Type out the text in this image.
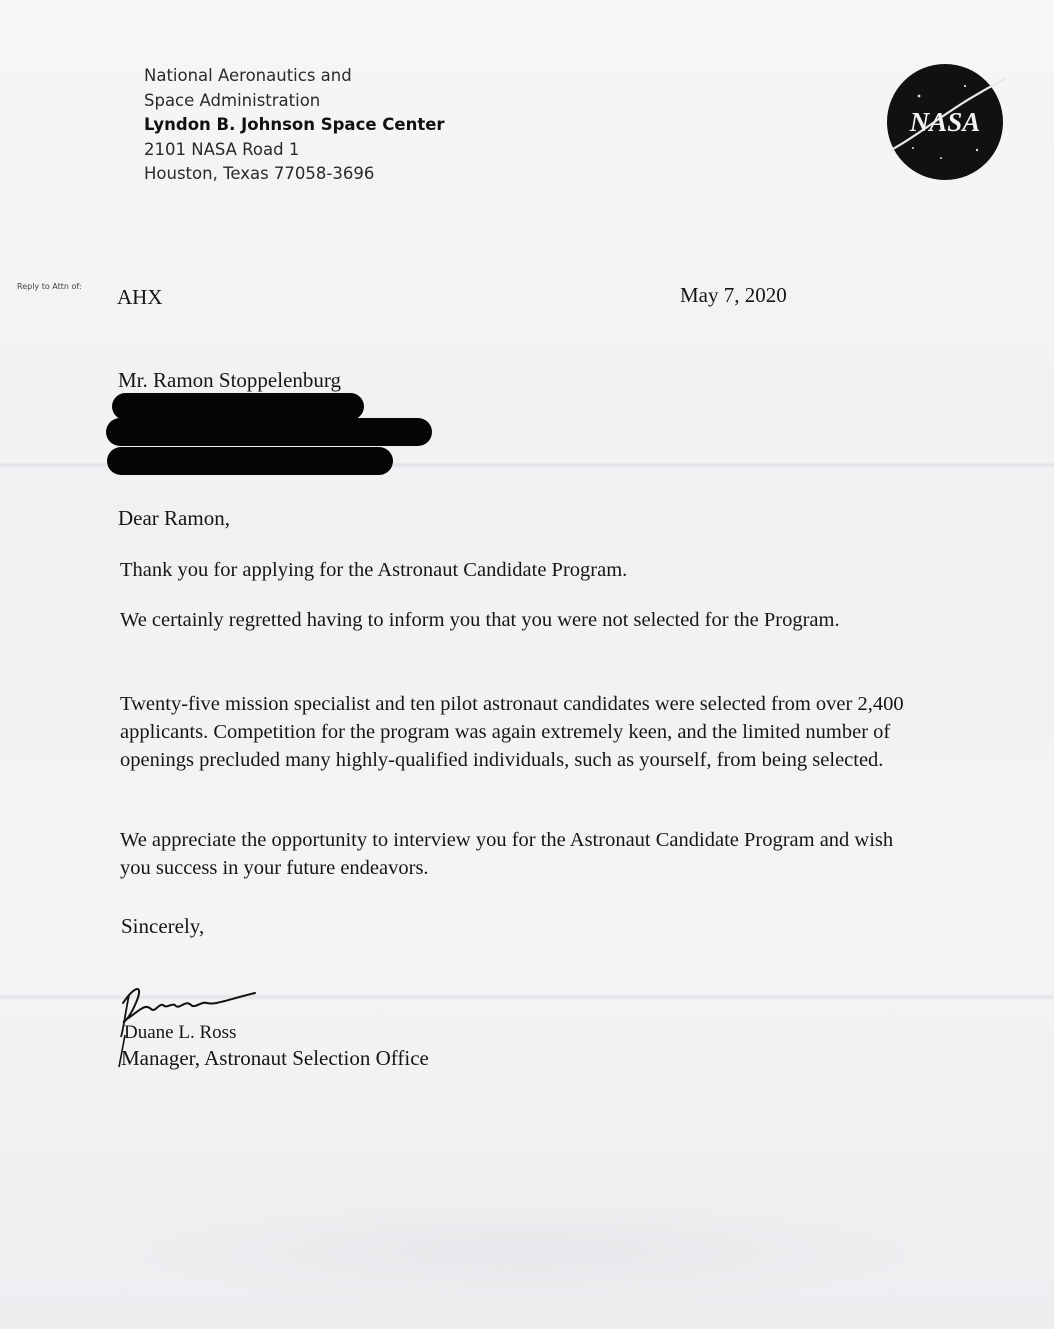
National Aeronautics and
Space Administration
Lyndon B. Johnson Space Center
2101 NASA Road 1
Houston, Texas 77058-3696
NASA
Reply to Attn of: AHX	May 7, 2020
Mr. Ramon Stoppelenburg
Dear Ramon,

Thank you for applying for the Astronaut Candidate Program.

We certainly regretted having to inform you that you were not selected for the Program.

Twenty-five mission specialist and ten pilot astronaut candidates were selected from over 2,400 applicants. Competition for the program was again extremely keen, and the limited number of openings precluded many highly-qualified individuals, such as yourself, from being selected.

We appreciate the opportunity to interview you for the Astronaut Candidate Program and wish you success in your future endeavors.

Sincerely,
Duane L. Ross
Manager, Astronaut Selection Office
